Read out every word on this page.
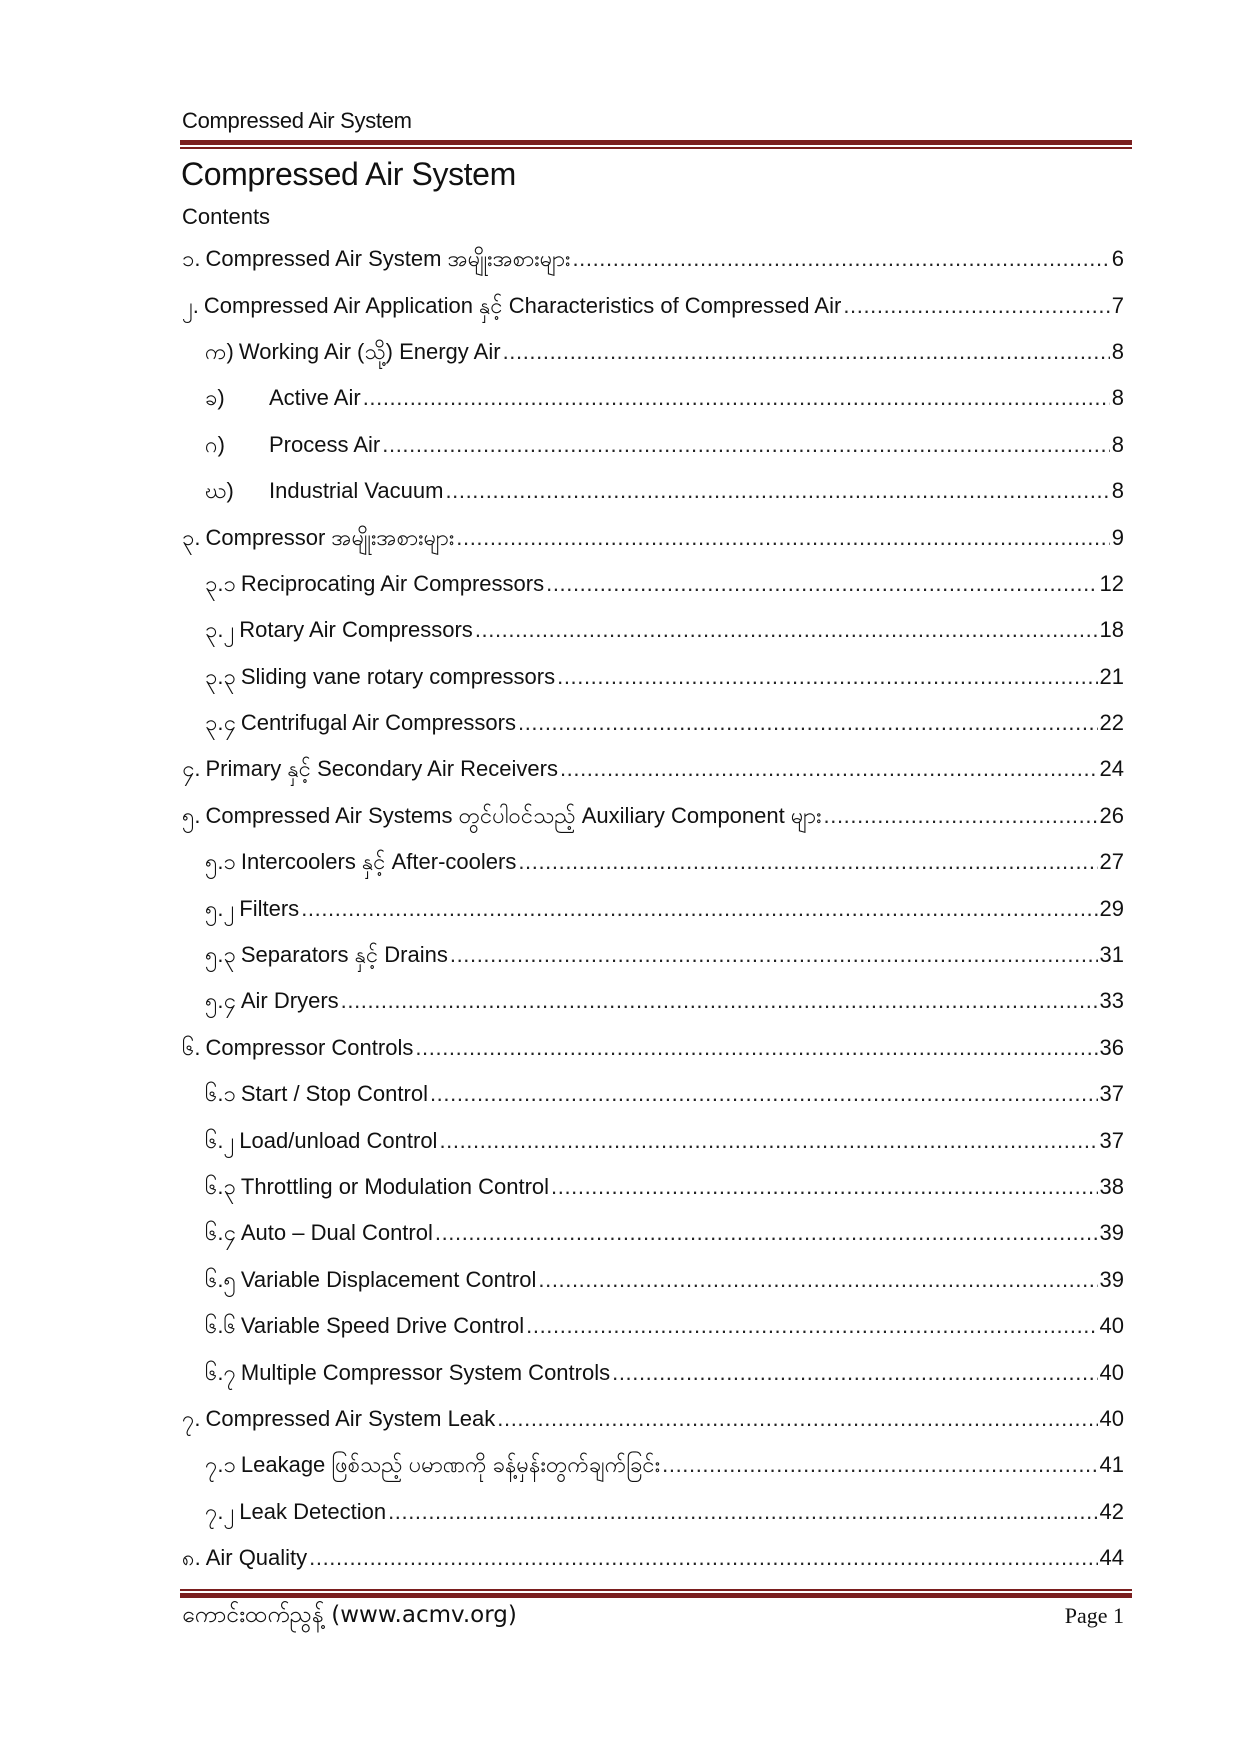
Compressed Air System
Compressed Air System
Contents
၁. Compressed Air System အမျိုးအစားများ .....	6
၂. Compressed Air Application နှင့် Characteristics of Compressed Air .....	7
က) Working Air (သို့) Energy Air .....	8
ခ)	Active Air .....	8
ဂ)	Process Air .....	8
ဃ)	Industrial Vacuum .....	8
၃. Compressor အမျိုးအစားများ .....	9
၃.၁ Reciprocating Air Compressors .....	12
၃.၂ Rotary Air Compressors .....	18
၃.၃ Sliding vane rotary compressors .....	21
၃.၄ Centrifugal Air Compressors .....	22
၄. Primary နှင့် Secondary Air Receivers .....	24
၅. Compressed Air Systems တွင်ပါဝင်သည့် Auxiliary Component များ .....	26
၅.၁ Intercoolers နှင့် After-coolers .....	27
၅.၂ Filters .....	29
၅.၃ Separators နှင့် Drains .....	31
၅.၄ Air Dryers .....	33
၆. Compressor Controls .....	36
၆.၁ Start / Stop Control .....	37
၆.၂ Load/unload Control .....	37
၆.၃ Throttling or Modulation Control .....	38
၆.၄ Auto – Dual Control .....	39
၆.၅ Variable Displacement Control .....	39
၆.၆ Variable Speed Drive Control .....	40
၆.၇ Multiple Compressor System Controls .....	40
၇. Compressed Air System Leak .....	40
၇.၁ Leakage ဖြစ်သည့် ပမာဏကို ခန့်မှန်းတွက်ချက်ခြင်း .....	41
၇.၂ Leak Detection .....	42
၈. Air Quality .....	44
ကောင်းထက်ညွန့် (www.acmv.org)	Page 1
